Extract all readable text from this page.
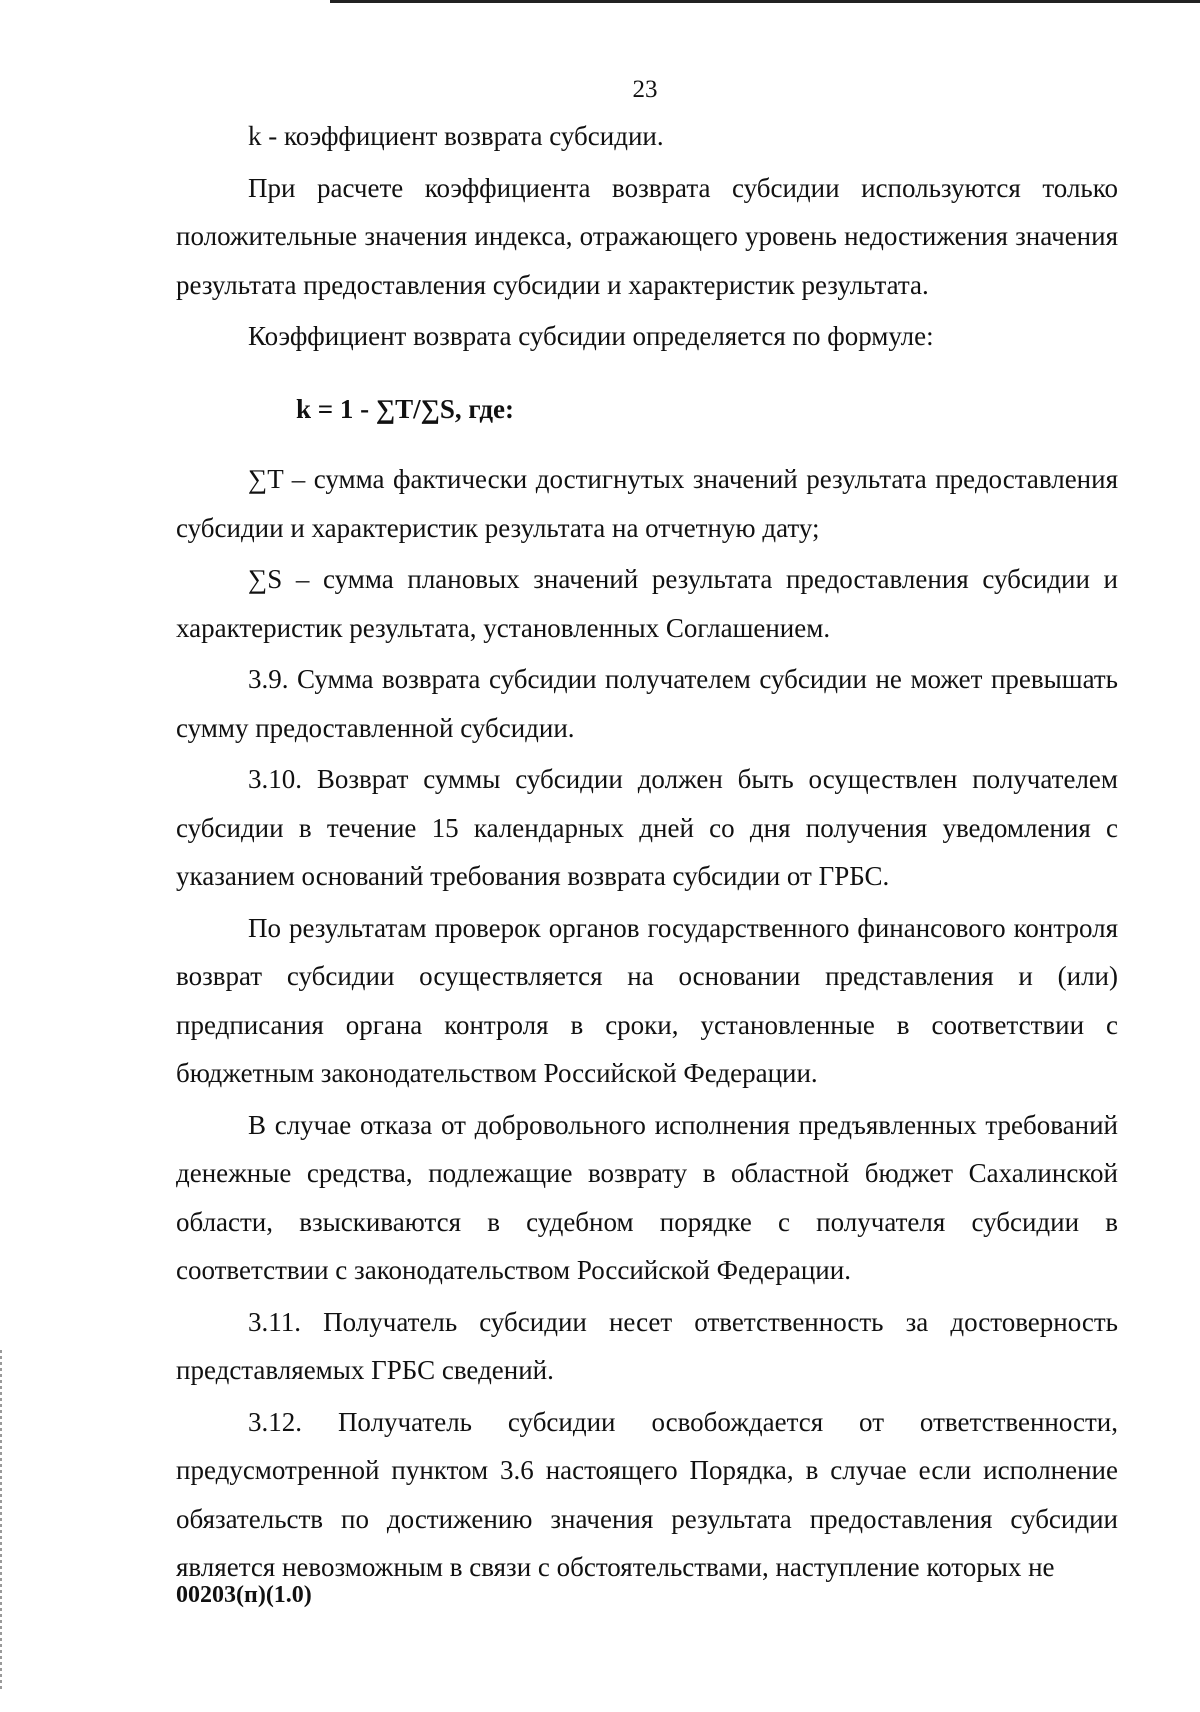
23

k - коэффициент возврата субсидии.

При расчете коэффициента возврата субсидии используются только положительные значения индекса, отражающего уровень недостижения значения результата предоставления субсидии и характеристик результата.

Коэффициент возврата субсидии определяется по формуле:

k = 1 - ∑T/∑S, где:

∑T – сумма фактически достигнутых значений результата предоставления субсидии и характеристик результата на отчетную дату;

∑S – сумма плановых значений результата предоставления субсидии и характеристик результата, установленных Соглашением.

3.9. Сумма возврата субсидии получателем субсидии не может превышать сумму предоставленной субсидии.

3.10. Возврат суммы субсидии должен быть осуществлен получателем субсидии в течение 15 календарных дней со дня получения уведомления с указанием оснований требования возврата субсидии от ГРБС.

По результатам проверок органов государственного финансового контроля возврат субсидии осуществляется на основании представления и (или) предписания органа контроля в сроки, установленные в соответствии с бюджетным законодательством Российской Федерации.

В случае отказа от добровольного исполнения предъявленных требований денежные средства, подлежащие возврату в областной бюджет Сахалинской области, взыскиваются в судебном порядке с получателя субсидии в соответствии с законодательством Российской Федерации.

3.11. Получатель субсидии несет ответственность за достоверность представляемых ГРБС сведений.

3.12. Получатель субсидии освобождается от ответственности, предусмотренной пунктом 3.6 настоящего Порядка, в случае если исполнение обязательств по достижению значения результата предоставления субсидии является невозможным в связи с обстоятельствами, наступление которых не

00203(п)(1.0)
